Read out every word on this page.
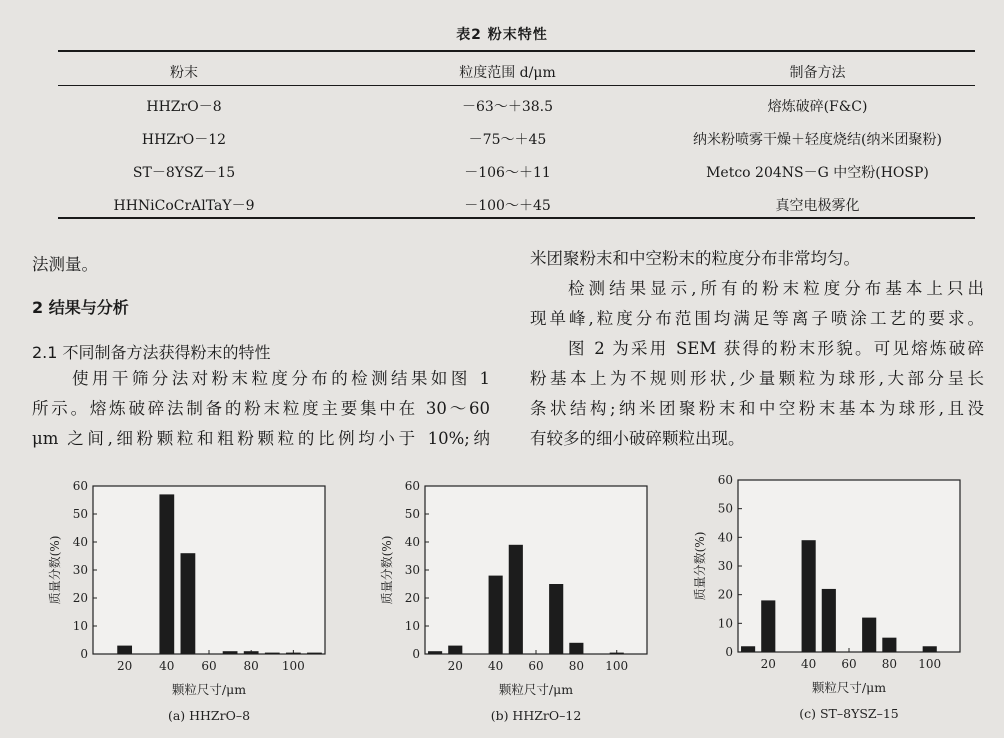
表2 粉末特性
粉末	粒度范围 d/μm	制备方法
HHZrO－8	－63～＋38.5	熔炼破碎(F&C)
HHZrO－12	－75～＋45	纳米粉喷雾干燥＋轻度烧结(纳米团聚粉)
ST－8YSZ－15	－106～＋11	Metco 204NS－G 中空粉(HOSP)
HHNiCoCrAlTaY－9	－100～＋45	真空电极雾化
法测量。
2 结果与分析
2.1 不同制备方法获得粉末的特性
使用干筛分法对粉末粒度分布的检测结果如图 1
所示。熔炼破碎法制备的粉末粒度主要集中在 30～60
μm 之间,细粉颗粒和粗粉颗粒的比例均小于 10%;纳
米团聚粉末和中空粉末的粒度分布非常均匀。
检测结果显示,所有的粉末粒度分布基本上只出
现单峰,粒度分布范围均满足等离子喷涂工艺的要求。
图 2 为采用 SEM 获得的粉末形貌。可见熔炼破碎
粉基本上为不规则形状,少量颗粒为球形,大部分呈长
条状结构;纳米团聚粉末和中空粉末基本为球形,且没
有较多的细小破碎颗粒出现。
0
10
20
30
40
50
60
20 40 60 80 100
质量分数(%)
颗粒尺寸/μm
(a) HHZrO–8
0
10
20
30
40
50
60
20 40 60 80 100
质量分数(%)
颗粒尺寸/μm
(b) HHZrO–12
0
10
20
30
40
50
60
20 40 60 80 100
质量分数(%)
颗粒尺寸/μm
(c) ST–8YSZ–15
